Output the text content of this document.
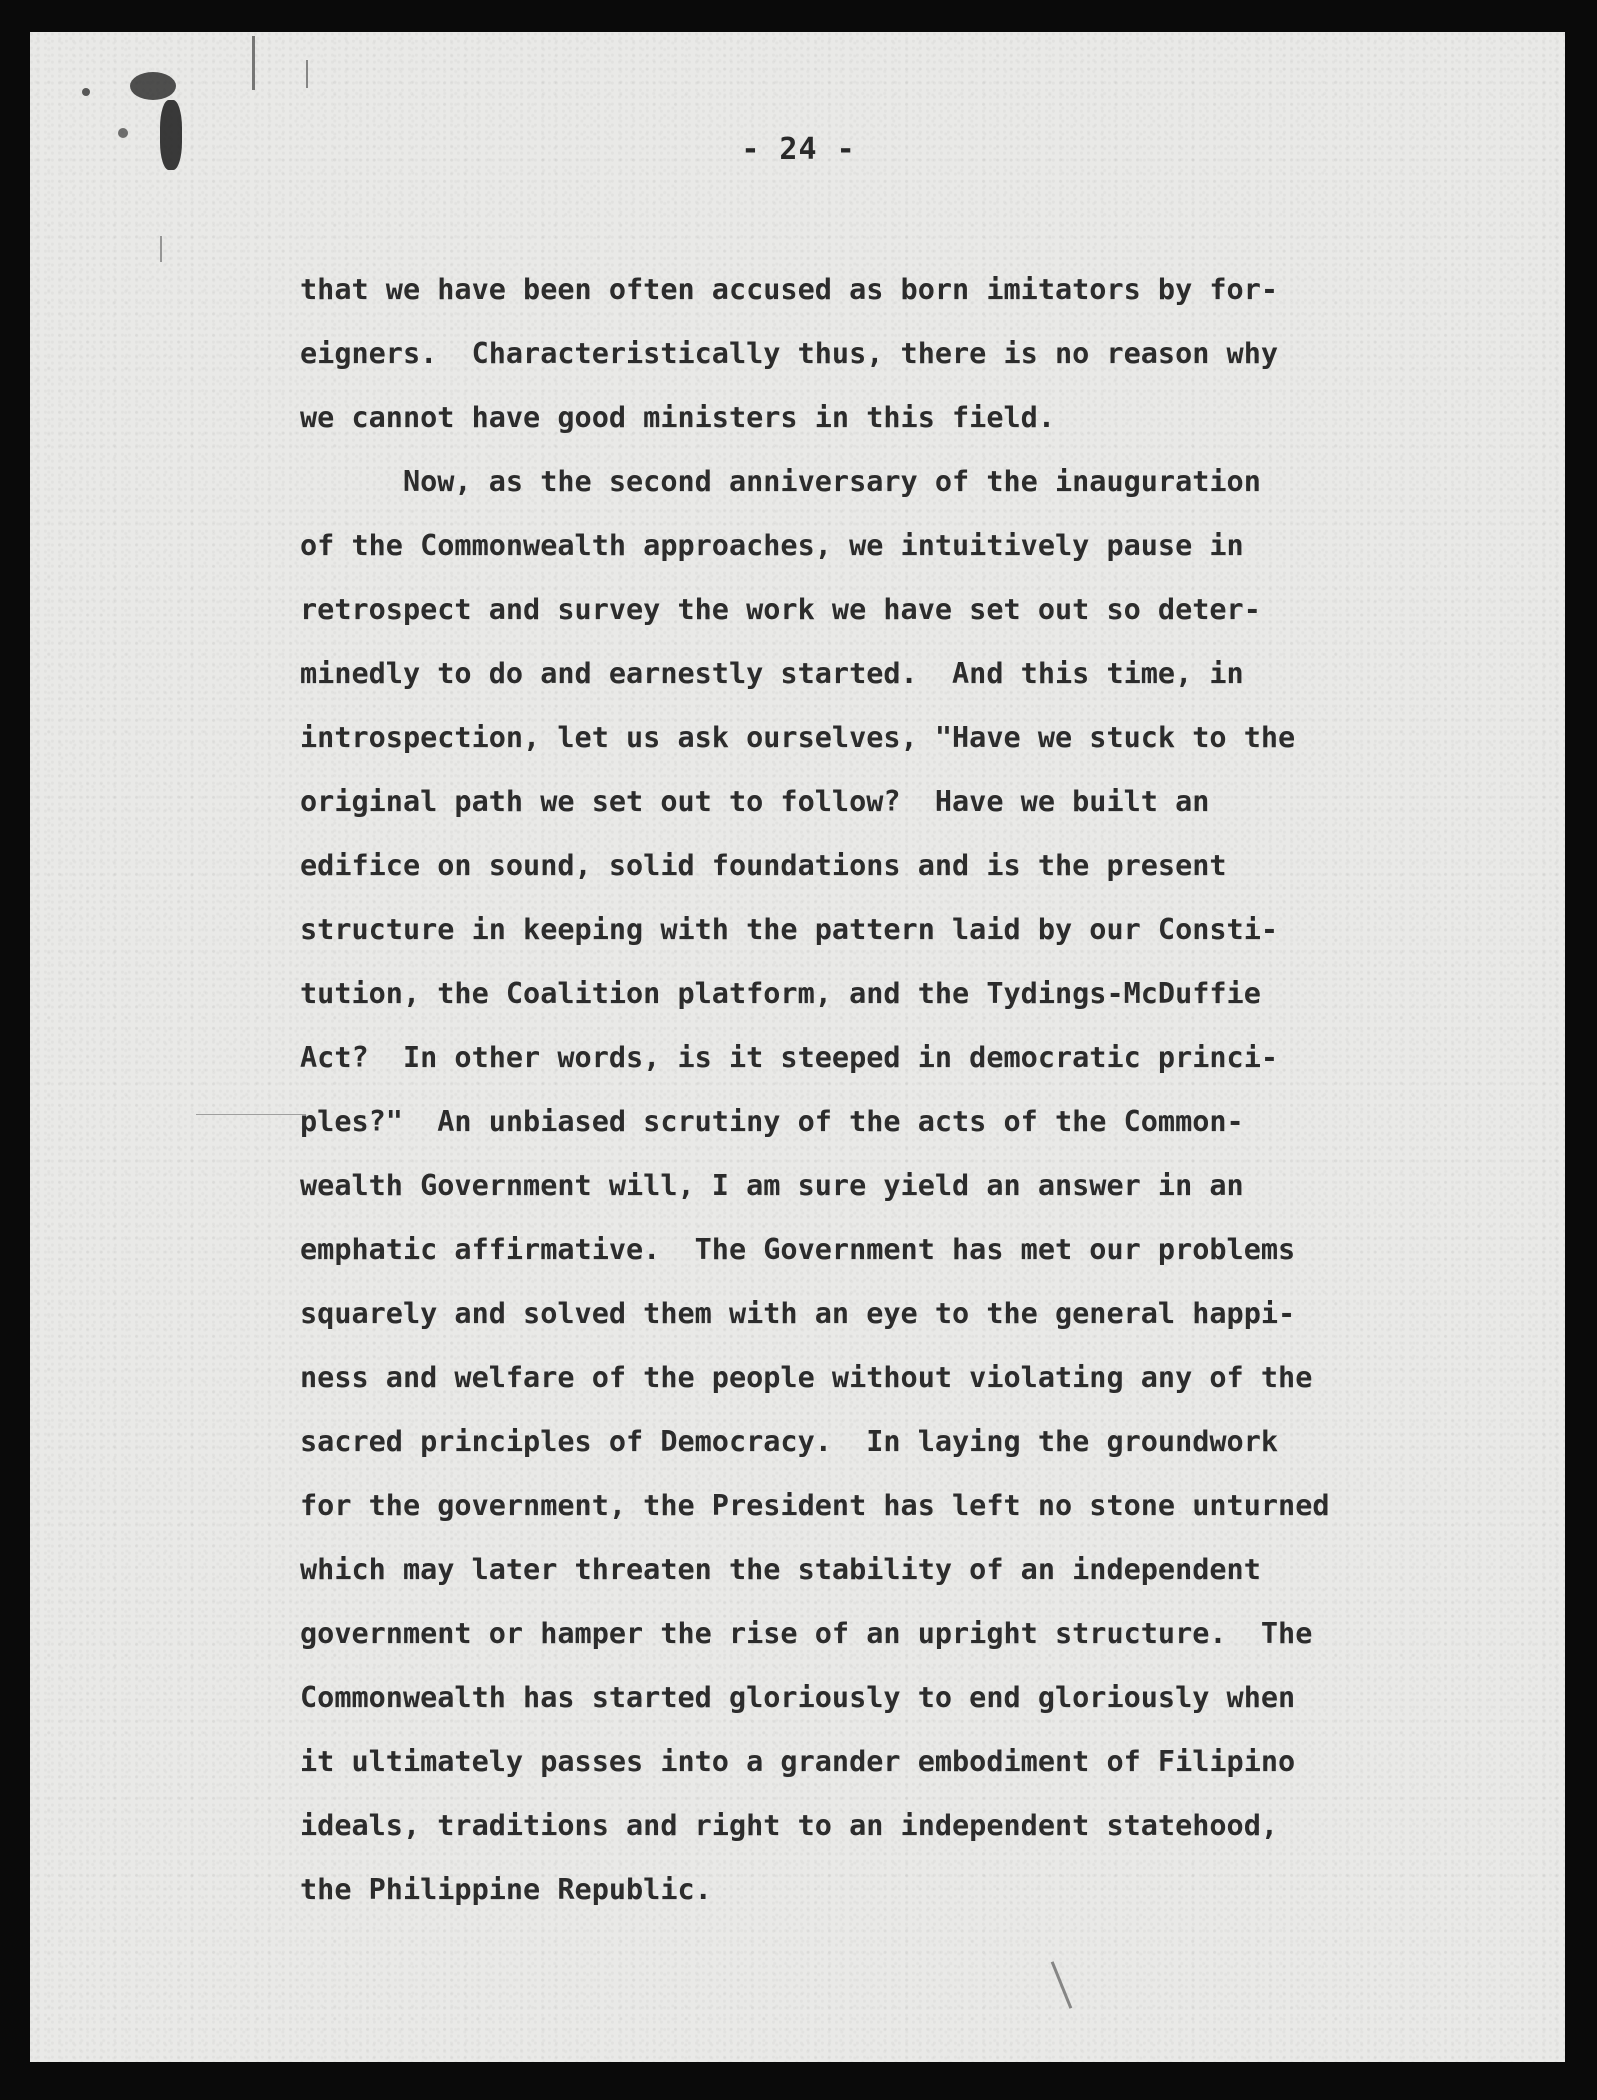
- 24 -
that we have been often accused as born imitators by for-
eigners.  Characteristically thus, there is no reason why
we cannot have good ministers in this field.
Now, as the second anniversary of the inauguration
of the Commonwealth approaches, we intuitively pause in
retrospect and survey the work we have set out so deter-
minedly to do and earnestly started.  And this time, in
introspection, let us ask ourselves, "Have we stuck to the
original path we set out to follow?  Have we built an
edifice on sound, solid foundations and is the present
structure in keeping with the pattern laid by our Consti-
tution, the Coalition platform, and the Tydings-McDuffie
Act?  In other words, is it steeped in democratic princi-
ples?"  An unbiased scrutiny of the acts of the Common-
wealth Government will, I am sure yield an answer in an
emphatic affirmative.  The Government has met our problems
squarely and solved them with an eye to the general happi-
ness and welfare of the people without violating any of the
sacred principles of Democracy.  In laying the groundwork
for the government, the President has left no stone unturned
which may later threaten the stability of an independent
government or hamper the rise of an upright structure.  The
Commonwealth has started gloriously to end gloriously when
it ultimately passes into a grander embodiment of Filipino
ideals, traditions and right to an independent statehood,
the Philippine Republic.
